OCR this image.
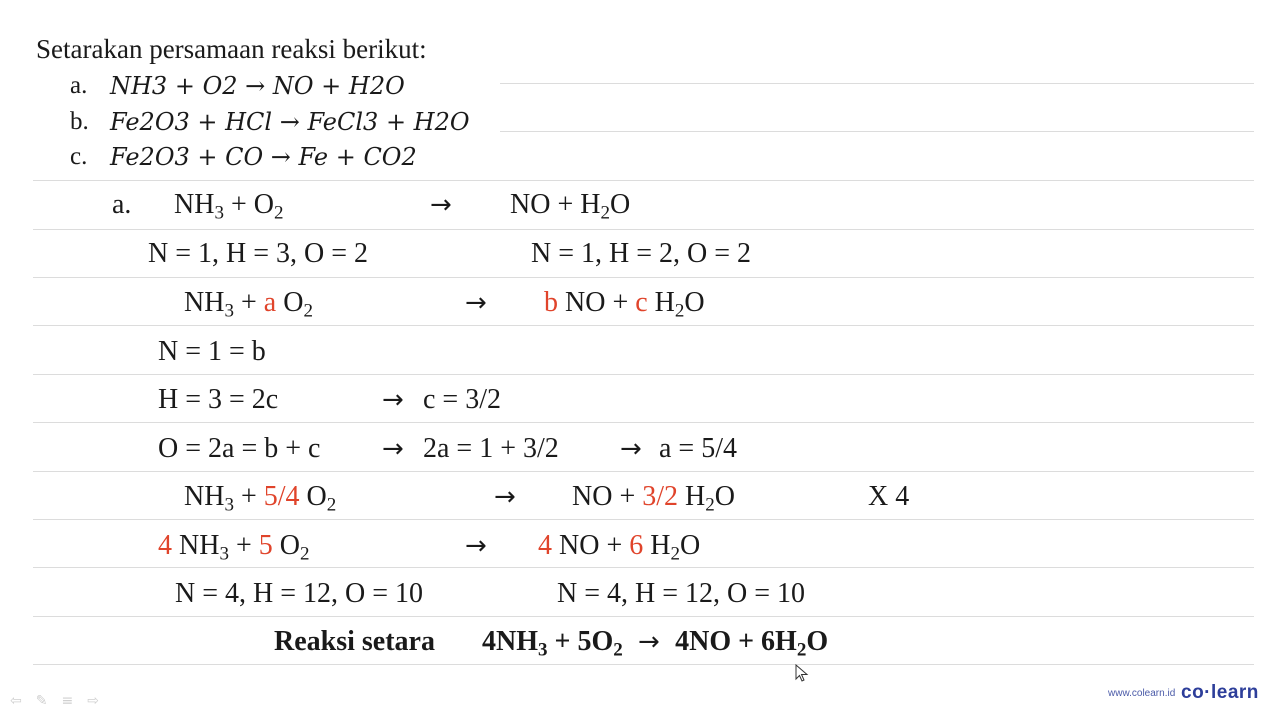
Setarakan persamaan reaksi berikut:
a. NH3 + O2 → NO + H2O
b. Fe2O3 + HCl → FeCl3 + H2O
c. Fe2O3 + CO → Fe + CO2
a. $NH_3 + O_2$	→ NO + $H_2O$
N = 1, H = 3, O = 2	N = 1, H = 2, O = 2
$NH_3 + a$ $O_2$	→ b NO + c $H_2O$
N = 1 = b
H = 3 = 2c	→ c = 3/2
O = 2a = b + c → 2a = 1 + 3/2 → a = 5/4
$NH_3 + 5/4$ $O_2$	→ NO + 3/2 $H_2O$	X 4
4 $NH_3 + 5$ $O_2$	→ 4 NO + 6 $H_2O$
N = 4, H = 12, O = 10	N = 4, H = 12, O = 10
Reaksi setara $4NH_3 + 5O_2 \to 4NO + 6H_2O$
⇦ ✎ ≡ ⇨	www.colearn.id co·learn
